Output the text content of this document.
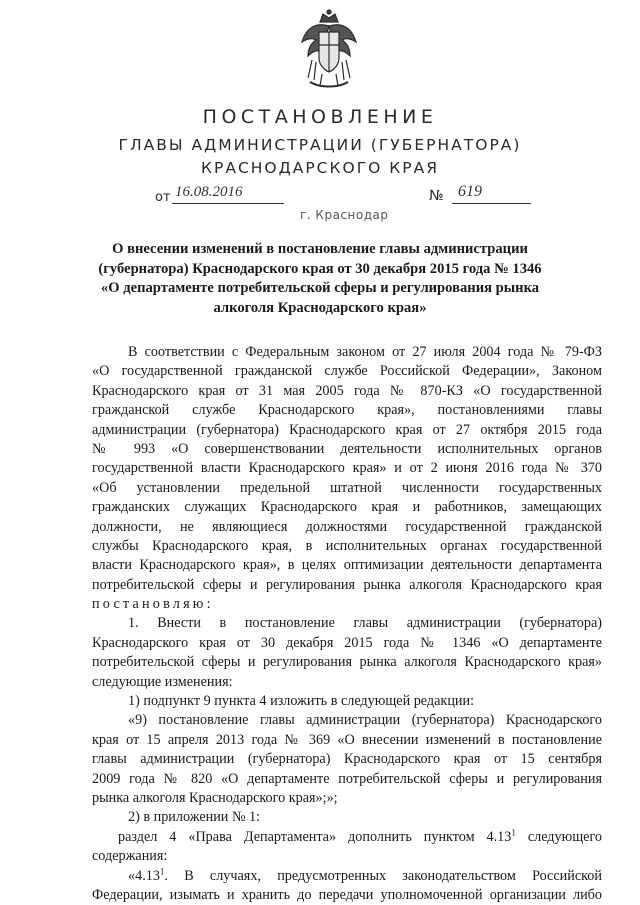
ПОСТАНОВЛЕНИЕ
ГЛАВЫ АДМИНИСТРАЦИИ (ГУБЕРНАТОРА)
КРАСНОДАРСКОГО КРАЯ
от 16.08.2016	№ 619
г. Краснодар
О внесении изменений в постановление главы администрации
(губернатора) Краснодарского края от 30 декабря 2015 года № 1346
«О департаменте потребительской сферы и регулирования рынка
алкоголя Краснодарского края»
В соответствии с Федеральным законом от 27 июля 2004 года № 79-ФЗ
«О государственной гражданской службе Российской Федерации», Законом
Краснодарского края от 31 мая 2005 года № 870-КЗ «О государственной
гражданской службе Краснодарского края», постановлениями главы
администрации (губернатора) Краснодарского края от 27 октября 2015 года
№ 993 «О совершенствовании деятельности исполнительных органов
государственной власти Краснодарского края» и от 2 июня 2016 года № 370
«Об установлении предельной штатной численности государственных
гражданских служащих Краснодарского края и работников, замещающих
должности, не являющиеся должностями государственной гражданской
службы Краснодарского края, в исполнительных органах государственной
власти Краснодарского края», в целях оптимизации деятельности департамента
потребительской сферы и регулирования рынка алкоголя Краснодарского края
постановляю:
1. Внести в постановление главы администрации (губернатора)
Краснодарского края от 30 декабря 2015 года № 1346 «О департаменте
потребительской сферы и регулирования рынка алкоголя Краснодарского края»
следующие изменения:
1) подпункт 9 пункта 4 изложить в следующей редакции:
«9) постановление главы администрации (губернатора) Краснодарского
края от 15 апреля 2013 года № 369 «О внесении изменений в постановление
главы администрации (губернатора) Краснодарского края от 15 сентября
2009 года № 820 «О департаменте потребительской сферы и регулирования
рынка алкоголя Краснодарского края»;»;
2) в приложении № 1:
раздел 4 «Права Департамента» дополнить пунктом 4.13$^1$ следующего
содержания:
«4.13$^1$. В случаях, предусмотренных законодательством Российской
Федерации, изымать и хранить до передачи уполномоченной организации либо
